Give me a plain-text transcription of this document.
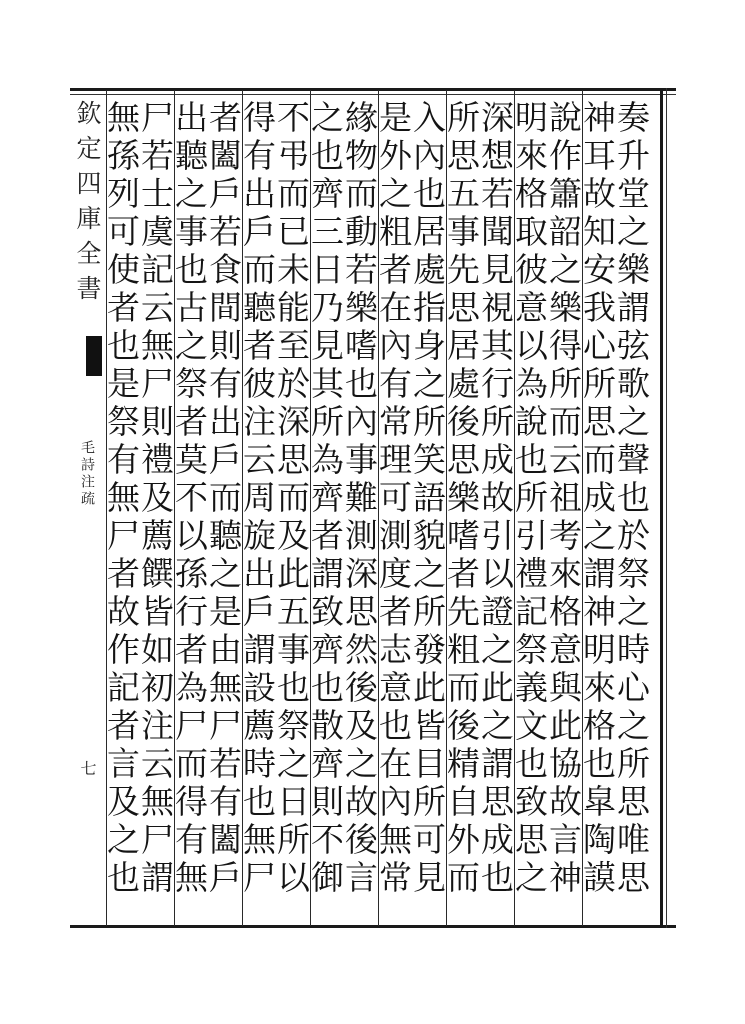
欽定四庫全書
毛詩注疏
七	奏升堂之樂謂弦歌之聲也於祭之時心之所思唯思
神耳故知安我心所思而成之謂神明來格也皐陶謨
說作簫韶之樂得所而云祖考來格意與此協故言神
明來格取彼意以為說也所引禮記祭義文也致思之
深想若聞見視其行所成故引以證之此之謂思成也
所思五事先思居處後思樂嗜者先粗而後精自外而
入內也居處指身之所笑語貌之所發此皆目所可見
是外之粗者在內有常理可測度者志意也在內無常
緣物而動若樂嗜也內事難測深思然後及之故後言
之也齊三日乃見其所為齊者謂致齊也散齊則不御
不弔而已未能至於深思而及此五事也祭之日所以
得有出戶而聽者彼注云周旋出戶謂設薦時也無尸
者闔戶若食間則有出戶而聽之是由無尸若有闔戶
出聽之事也古之祭者莫不以孫行者為尸而得有無
尸若士虞記云無尸則禮及薦饌皆如初注云無尸謂
無孫列可使者也是祭有無尸者故作記者言及之也
